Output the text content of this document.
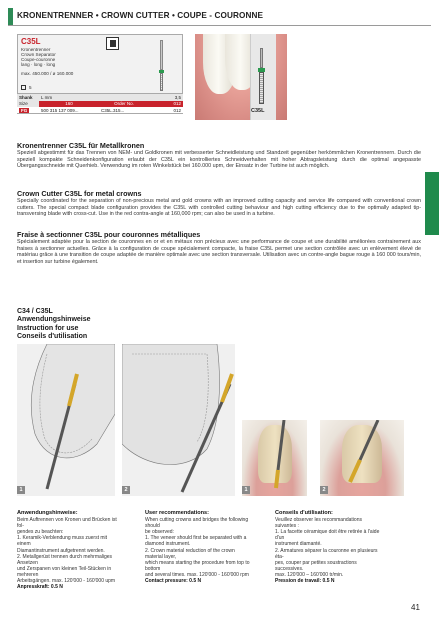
KRONENTRENNER • CROWN CUTTER • COUPE - COURONNE
C35L
Kronentrenner
Crown Separator
Coupe-couronne
lang · long · long
max. 450.000 / ø 160.000
5
Shank	L mm		3,5
Size	160	Order No.	012
FG	500 315 137 009...	C35L.315...	012	C35L
Kronentrenner C35L für Metallkronen
Speziell abgestimmt für das Trennen von NEM- und Goldkronen mit verbesserter Schneidleistung und Standzeit gegenüber herkömmlichen Kronentrennern. Durch die speziell kompakte Schneidenkonfiguration erlaubt der C35L ein kontrolliertes Schneidverhalten mit hoher Abtragsleistung durch die optimal angepasste Übergangsschneide mit Querhieb. Verwendung im roten Winkelstück bei 160.000 upm, der Einsatz in der Turbine ist auch möglich.
Crown Cutter C35L for metal crowns
Specially coordinated for the separation of non-precious metal and gold crowns with an improved cutting capacity and service life compared with conventional crown cutters. The special compact blade configuration provides the C35L with controlled cutting behaviour and high cutting efficiency due to the optimally adapted tip-transversing blade with cross-cut. Use in the red contra-angle at 160,000 rpm; can also be used in a turbine.
Fraise à sectionner C35L pour couronnes métalliques
Spécialement adaptée pour la section de couronnes en or et en métaux non précieux avec une performance de coupe et une durabilité améliorées contrairement aux fraises à sectionner actuelles. Grâce à la configuration de coupe spécialement compacte, la fraise C35L permet une section contrôlée avec un enlèvement élevé de matériau grâce à une transition de coupe adaptée de manière optimale avec une section transversale. Utilisation avec un contre-angle bague rouge à 160 000 tours/min, et insertion sur turbine également.
C34 / C35L
Anwendungshinweise
Instruction for use
Conseils d'utilisation
1	2	1	2
Anwendungshinweise:
Beim Auftrennen von Kronen und Brücken ist fol-
gendes zu beachten:
1. Keramik-Verblendung muss zuerst mit einem
Diamantinstrument aufgetrennt werden.
2. Metallgerüst trennen durch mehrmaliges Ansetzen
und Zerspanen von kleinen Teil-Stücken in mehreren
Arbeitsgängen. max. 120'000 - 160'000 upm
Anpresskraft: 0.5 N
User recommendations:
When cutting crowns and bridges the following should
be observed:
1. The veneer should first be separated with a
diamond instrument.
2. Crown material reduction of the crown material layer,
which means starting the procedure from top to bottom
and several times. max. 120'000 - 160'000 rpm
Contact pressure: 0.5 N
Conseils d'utilisation:
Veuillez observer les recommandations suivantes :
1. La facette céramique doit être retirée à l'aide d'un
instrument diamanté.
2. Armatures séparer la couronne en plusieurs éta-
pes, couper par petites soustractions successives.
max. 120'000 – 160'000 tr/min.
Pression de travail: 0.5 N
41
